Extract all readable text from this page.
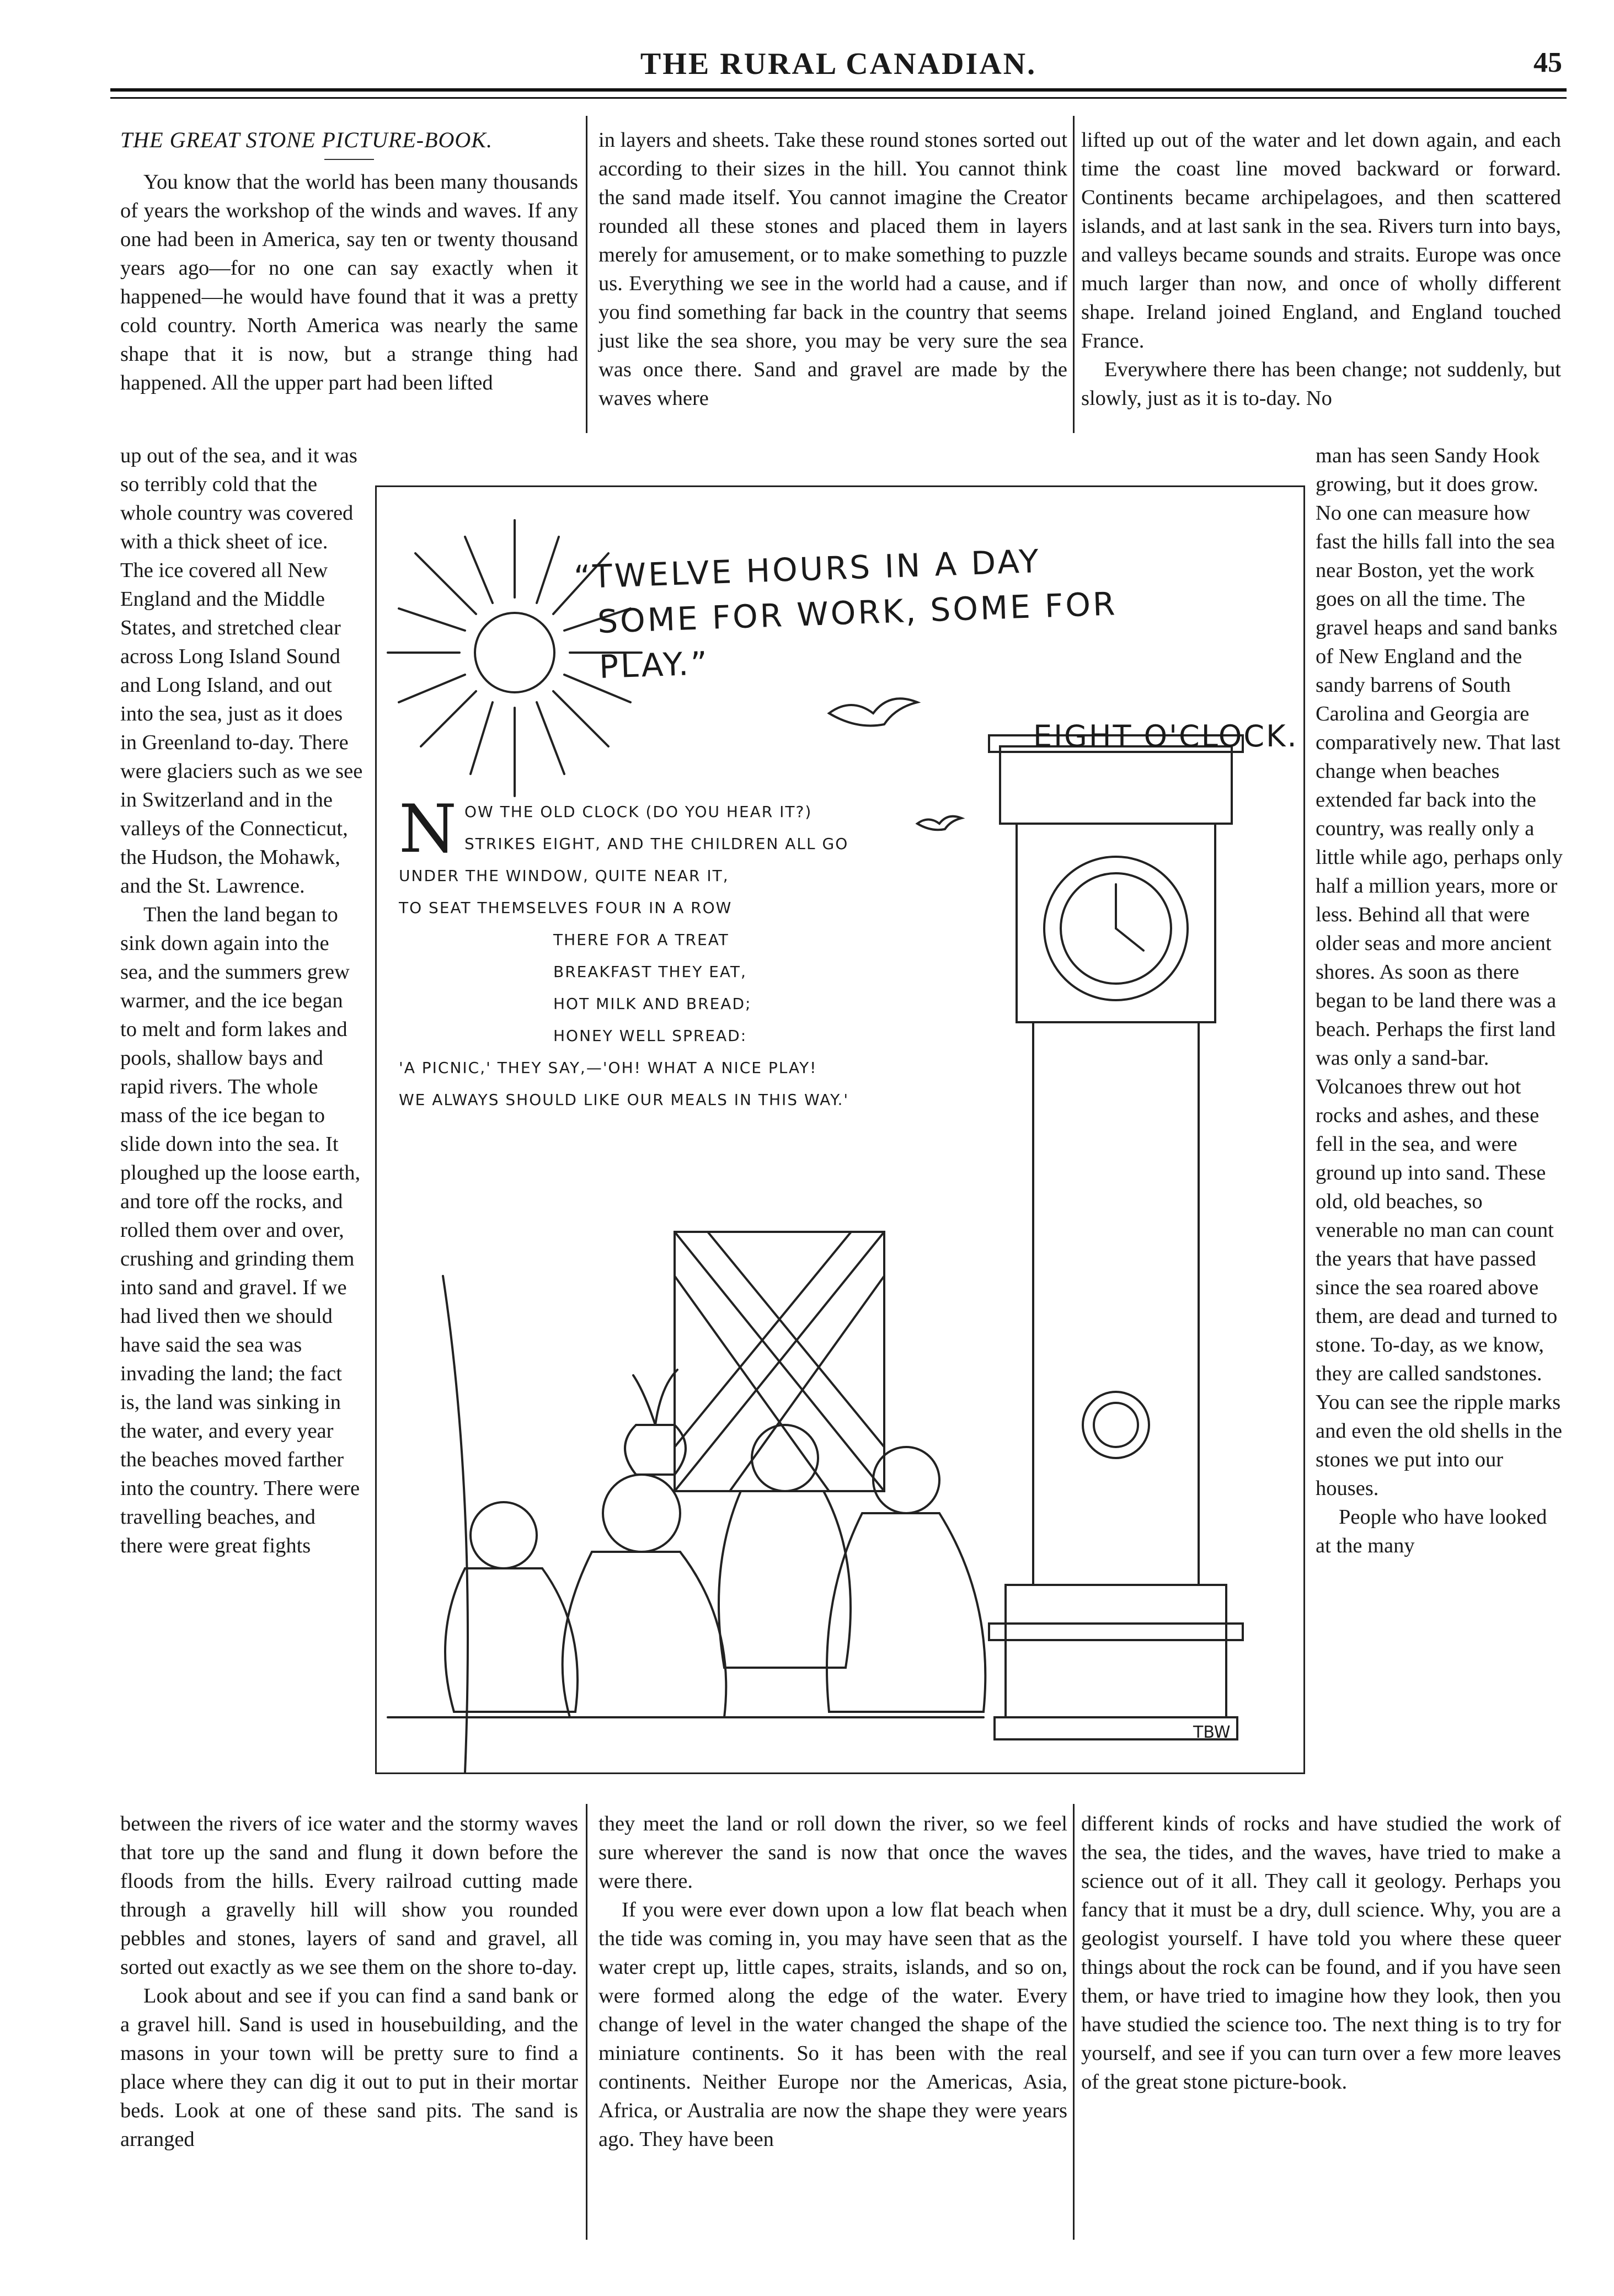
THE RURAL CANADIAN.	45

THE GREAT STONE PICTURE-BOOK.

You know that the world has been many thousands of years the workshop of the winds and waves. If any one had been in America, say ten or twenty thousand years ago—for no one can say exactly when it happened—he would have found that it was a pretty cold country. North America was nearly the same shape that it is now, but a strange thing had happened. All the upper part had been lifted

in layers and sheets. Take these round stones sorted out according to their sizes in the hill. You cannot think the sand made itself. You cannot imagine the Creator rounded all these stones and placed them in layers merely for amusement, or to make something to puzzle us. Everything we see in the world had a cause, and if you find something far back in the country that seems just like the sea shore, you may be very sure the sea was once there. Sand and gravel are made by the waves where

lifted up out of the water and let down again, and each time the coast line moved backward or forward. Continents became archipelagoes, and then scattered islands, and at last sank in the sea. Rivers turn into bays, and valleys became sounds and straits. Europe was once much larger than now, and once of wholly different shape. Ireland joined England, and England touched France.

Everywhere there has been change; not suddenly, but slowly, just as it is to-day. No

up out of the sea, and it was so terribly cold that the whole country was covered with a thick sheet of ice. The ice covered all New England and the Middle States, and stretched clear across Long Island Sound and Long Island, and out into the sea, just as it does in Greenland to-day. There were glaciers such as we see in Switzerland and in the valleys of the Connecticut, the Hudson, the Mohawk, and the St. Lawrence.

Then the land began to sink down again into the sea, and the summers grew warmer, and the ice began to melt and form lakes and pools, shallow bays and rapid rivers. The whole mass of the ice began to slide down into the sea. It ploughed up the loose earth, and tore off the rocks, and rolled them over and over, crushing and grinding them into sand and gravel. If we had lived then we should have said the sea was invading the land; the fact is, the land was sinking in the water, and every year the beaches moved farther into the country. There were travelling beaches, and there were great fights

man has seen Sandy Hook growing, but it does grow. No one can measure how fast the hills fall into the sea near Boston, yet the work goes on all the time. The gravel heaps and sand banks of New England and the sandy barrens of South Carolina and Georgia are comparatively new. That last change when beaches extended far back into the country, was really only a little while ago, perhaps only half a million years, more or less. Behind all that were older seas and more ancient shores. As soon as there began to be land there was a beach. Perhaps the first land was only a sand-bar. Volcanoes threw out hot rocks and ashes, and these fell in the sea, and were ground up into sand. These old, old beaches, so venerable no man can count the years that have passed since the sea roared above them, are dead and turned to stone. To-day, as we know, they are called sandstones. You can see the ripple marks and even the old shells in the stones we put into our houses.

People who have looked at the many

“TWELVE HOURS IN A DAY
SOME FOR WORK, SOME FOR PLAY.”
EIGHT O'CLOCK.
N OW THE OLD CLOCK (DO YOU HEAR IT?)
STRIKES EIGHT, AND THE CHILDREN ALL GO
UNDER THE WINDOW, QUITE NEAR IT,
TO SEAT THEMSELVES FOUR IN A ROW
THERE FOR A TREAT
BREAKFAST THEY EAT,
HOT MILK AND BREAD;
HONEY WELL SPREAD:
'A PICNIC,' THEY SAY,—'OH! WHAT A NICE PLAY!
WE ALWAYS SHOULD LIKE OUR MEALS IN THIS WAY.'
TBW

between the rivers of ice water and the stormy waves that tore up the sand and flung it down before the floods from the hills. Every railroad cutting made through a gravelly hill will show you rounded pebbles and stones, layers of sand and gravel, all sorted out exactly as we see them on the shore to-day.

Look about and see if you can find a sand bank or a gravel hill. Sand is used in housebuilding, and the masons in your town will be pretty sure to find a place where they can dig it out to put in their mortar beds. Look at one of these sand pits. The sand is arranged

they meet the land or roll down the river, so we feel sure wherever the sand is now that once the waves were there.

If you were ever down upon a low flat beach when the tide was coming in, you may have seen that as the water crept up, little capes, straits, islands, and so on, were formed along the edge of the water. Every change of level in the water changed the shape of the miniature continents. So it has been with the real continents. Neither Europe nor the Americas, Asia, Africa, or Australia are now the shape they were years ago. They have been

different kinds of rocks and have studied the work of the sea, the tides, and the waves, have tried to make a science out of it all. They call it geology. Perhaps you fancy that it must be a dry, dull science. Why, you are a geologist yourself. I have told you where these queer things about the rock can be found, and if you have seen them, or have tried to imagine how they look, then you have studied the science too. The next thing is to try for yourself, and see if you can turn over a few more leaves of the great stone picture-book.
